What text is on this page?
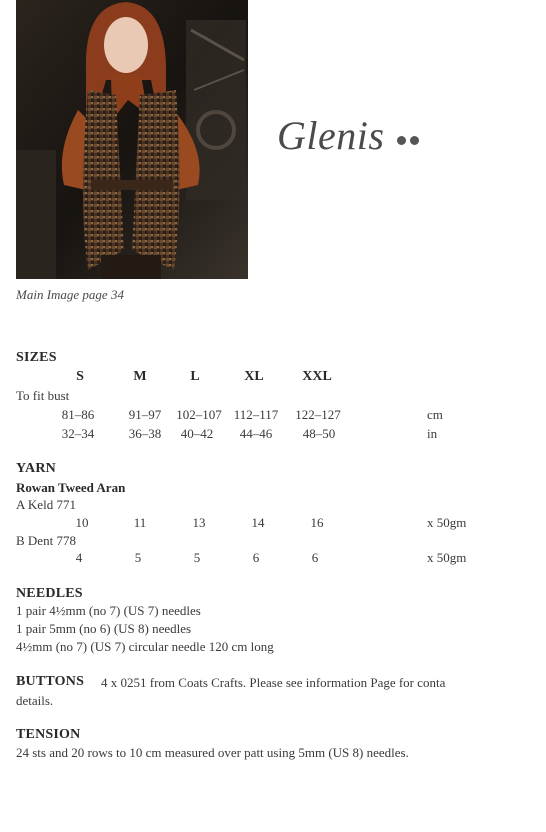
Main Image page 34
Glenis
SIZES
S	M	L	XL	XXL
To fit bust
81–86	91–97 102–107 112–117 122–127	cm
32–34	36–38 40–42 44–46 48–50	in
YARN
Rowan Tweed Aran
A Keld 771
10	11	13	14	16	x 50gm
B Dent 778
4	5	5	6	6	x 50gm
NEEDLES
1 pair 4½mm (no 7) (US 7) needles
1 pair 5mm (no 6) (US 8) needles
4½mm (no 7) (US 7) circular needle 120 cm long
BUTTONS 4 x 0251 from Coats Crafts. Please see information Page for conta
details.
TENSION
24 sts and 20 rows to 10 cm measured over patt using 5mm (US 8) needles.
